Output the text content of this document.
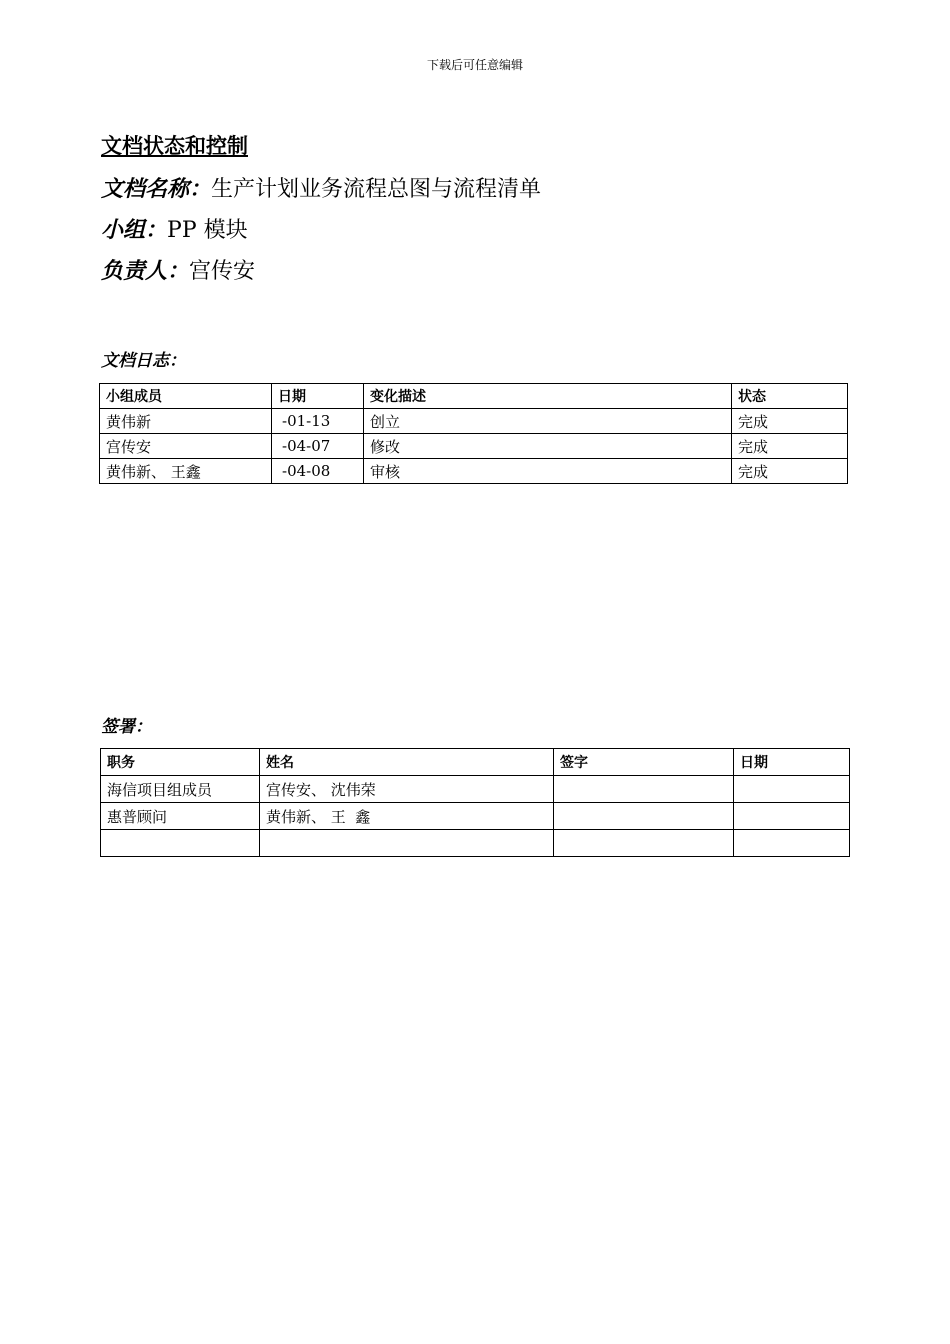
下载后可任意编辑
文档状态和控制
文档名称：生产计划业务流程总图与流程清单
小组：PP 模块
负责人：宫传安
文档日志：
小组成员	日期	变化描述	状态
黄伟新	-01-13	创立	完成
宫传安	-04-07	修改	完成
黄伟新、 王鑫	-04-08	审核	完成
签署：
职务	姓名	签字	日期
海信项目组成员	宫传安、 沈伟荣		
惠普顾问	黄伟新、 王  鑫		
